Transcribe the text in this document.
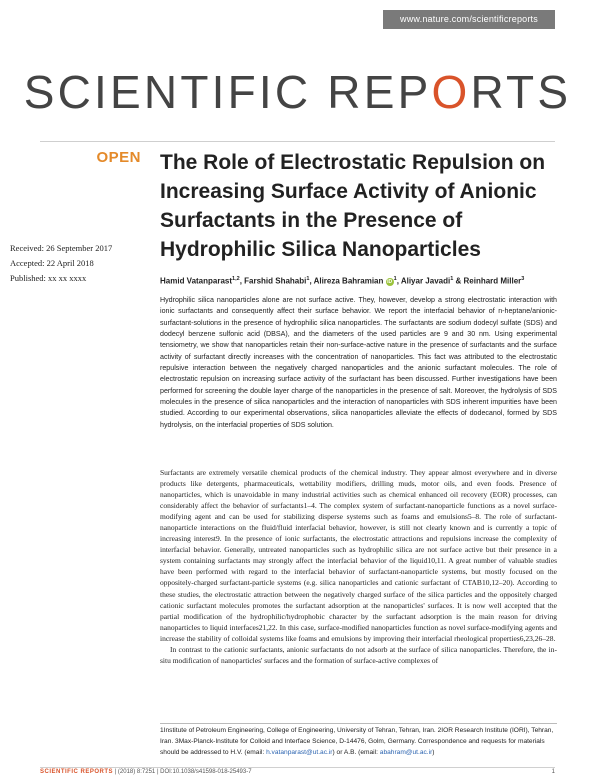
www.nature.com/scientificreports
SCIENTIFIC REPORTS
OPEN
Received: 26 September 2017
Accepted: 22 April 2018
Published: xx xx xxxx
The Role of Electrostatic Repulsion on Increasing Surface Activity of Anionic Surfactants in the Presence of Hydrophilic Silica Nanoparticles
Hamid Vatanparast$^{1,2}$, Farshid Shahabi$^1$, Alireza Bahramian iD $^1$, Aliyar Javadi$^1$ & Reinhard Miller$^3$

Hydrophilic silica nanoparticles alone are not surface active. They, however, develop a strong electrostatic interaction with ionic surfactants and consequently affect their surface behavior. We report the interfacial behavior of n-heptane/anionic-surfactant-solutions in the presence of hydrophilic silica nanoparticles. The surfactants are sodium dodecyl sulfate (SDS) and dodecyl benzene sulfonic acid (DBSA), and the diameters of the used particles are 9 and 30 nm. Using experimental tensiometry, we show that nanoparticles retain their non-surface-active nature in the presence of surfactants and the surface activity of surfactant directly increases with the concentration of nanoparticles. This fact was attributed to the electrostatic repulsive interaction between the negatively charged nanoparticles and the anionic surfactant molecules. The role of electrostatic repulsion on increasing surface activity of the surfactant has been discussed. Further investigations have been performed for screening the double layer charge of the nanoparticles in the presence of salt. Moreover, the hydrolysis of SDS molecules in the presence of silica nanoparticles and the interaction of nanoparticles with SDS inherent impurities have been studied. According to our experimental observations, silica nanoparticles alleviate the effects of dodecanol, formed by SDS hydrolysis, on the interfacial properties of SDS solution.

Surfactants are extremely versatile chemical products of the chemical industry. They appear almost everywhere and in diverse products like detergents, pharmaceuticals, wettability modifiers, drilling muds, motor oils, and even foods. Presence of nanoparticles, which is unavoidable in many industrial activities such as chemical enhanced oil recovery (EOR) processes, can considerably affect the behavior of surfactants1–4. The complex system of surfactant-nanoparticle functions as a novel surface-modifying agent and can be used for stabilizing disperse systems such as foams and emulsions5–8. The role of surfactant-nanoparticle interactions on the fluid/fluid interfacial behavior, however, is still not clearly known and is currently a topic of increasing interest9. In the presence of ionic surfactants, the electrostatic attractions and repulsions increase the complexity of interfacial behavior. Generally, untreated nanoparticles such as hydrophilic silica are not surface active but their presence in a system containing surfactants may strongly affect the interfacial behavior of the liquid10,11. A great number of valuable studies have been performed with regard to the interfacial behavior of surfactant-nanoparticle systems, but mostly focused on the oppositely-charged surfactant-particle systems (e.g. silica nanoparticles and cationic surfactant of CTAB10,12–20). According to these studies, the electrostatic attraction between the negatively charged surface of the silica particles and the oppositely charged cationic surfactant molecules promotes the surfactant adsorption at the nanoparticles' surfaces. It is now well accepted that the partial modification of the hydrophilic/hydrophobic character by the surfactant adsorption is the main reason for driving nanoparticles to liquid interfaces21,22. In this case, surface-modified nanoparticles function as novel surface-modifying agents and increase the stability of colloidal systems like foams and emulsions by improving their interfacial rheological properties6,23,26–28.

In contrast to the cationic surfactants, anionic surfactants do not adsorb at the surface of silica nanoparticles. Therefore, the in-situ modification of nanoparticles' surfaces and the formation of surface-active complexes of

1Institute of Petroleum Engineering, College of Engineering, University of Tehran, Tehran, Iran. 2IOR Research Institute (IORI), Tehran, Iran. 3Max-Planck-Institute for Colloid and Interface Science, D-14476, Golm, Germany. Correspondence and requests for materials should be addressed to H.V. (email: h.vatanparast@ut.ac.ir) or A.B. (email: abahram@ut.ac.ir)
SCIENTIFIC REPORTS | (2018) 8:7251 | DOI:10.1038/s41598-018-25493-7	1
